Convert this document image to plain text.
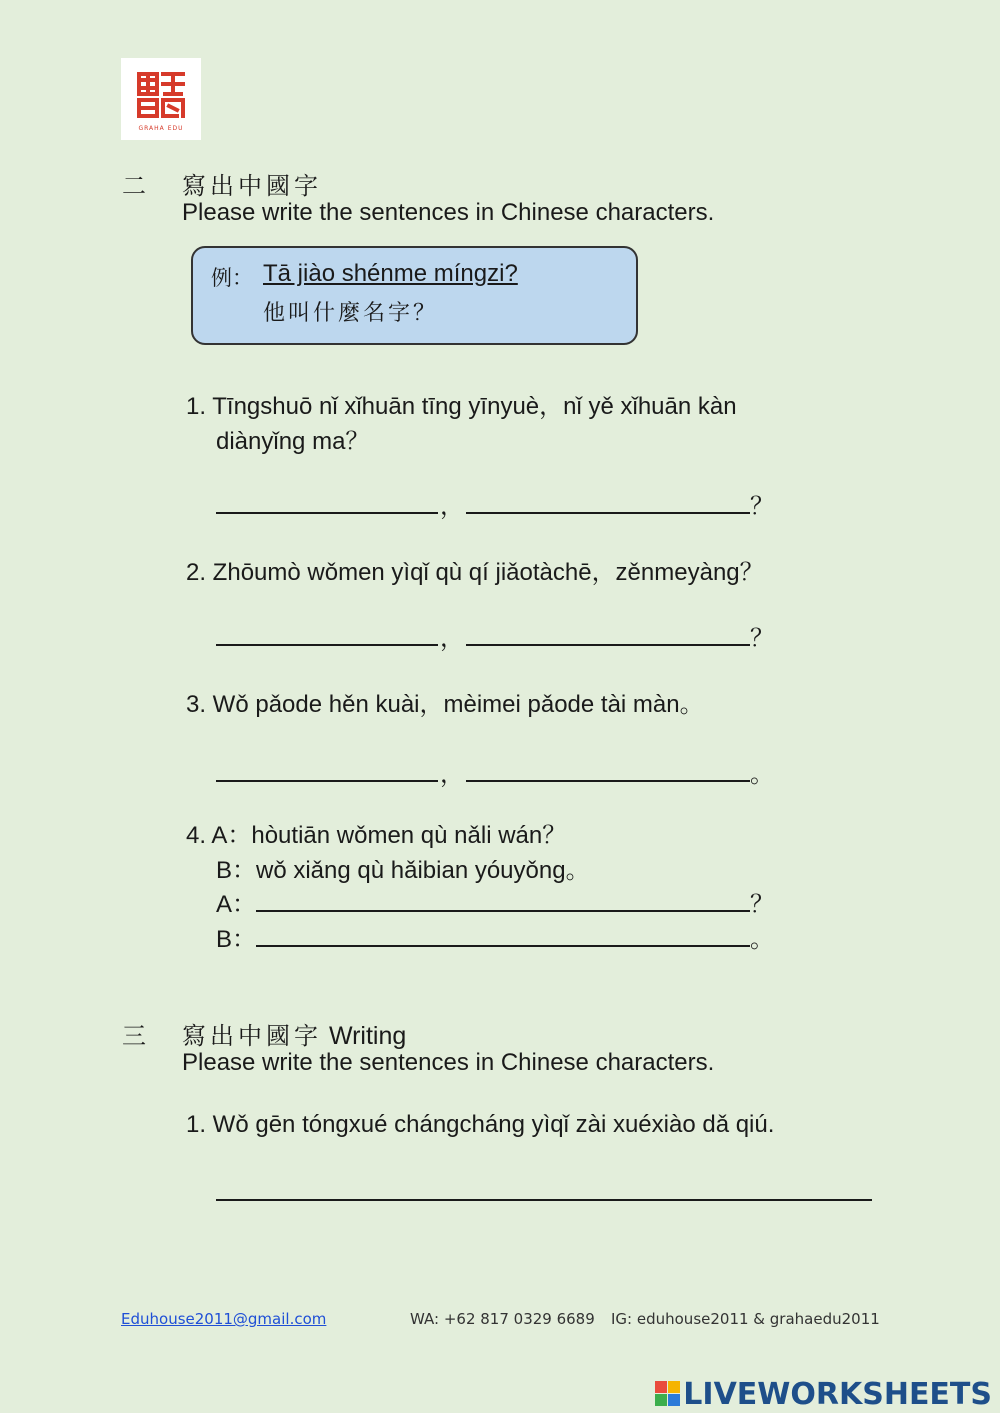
GRAHA EDU
二 寫出中國字
Please write the sentences in Chinese characters.
例： Tā jiào shénme míngzi?
他叫什麼名字？
1. Tīngshuō nǐ xǐhuān tīng yīnyuè，nǐ yě xǐhuān kàn
diànyǐng ma？
，	？
2. Zhōumò wǒmen yìqǐ qù qí jiǎotàchē，zěnmeyàng？
，	？
3. Wǒ pǎode hěn kuài，mèimei pǎode tài màn。
，	。
4. A：hòutiān wǒmen qù nǎli wán？
B：wǒ xiǎng qù hǎibian yóuyǒng。
A：	？
B：	。
三 寫出中國字 Writing
Please write the sentences in Chinese characters.
1. Wǒ gēn tóngxué chángcháng yìqǐ zài xuéxiào dǎ qiú.
Eduhouse2011@gmail.com	WA: +62 817 0329 6689 IG: eduhouse2011 & grahaedu2011
LIVEWORKSHEETS
